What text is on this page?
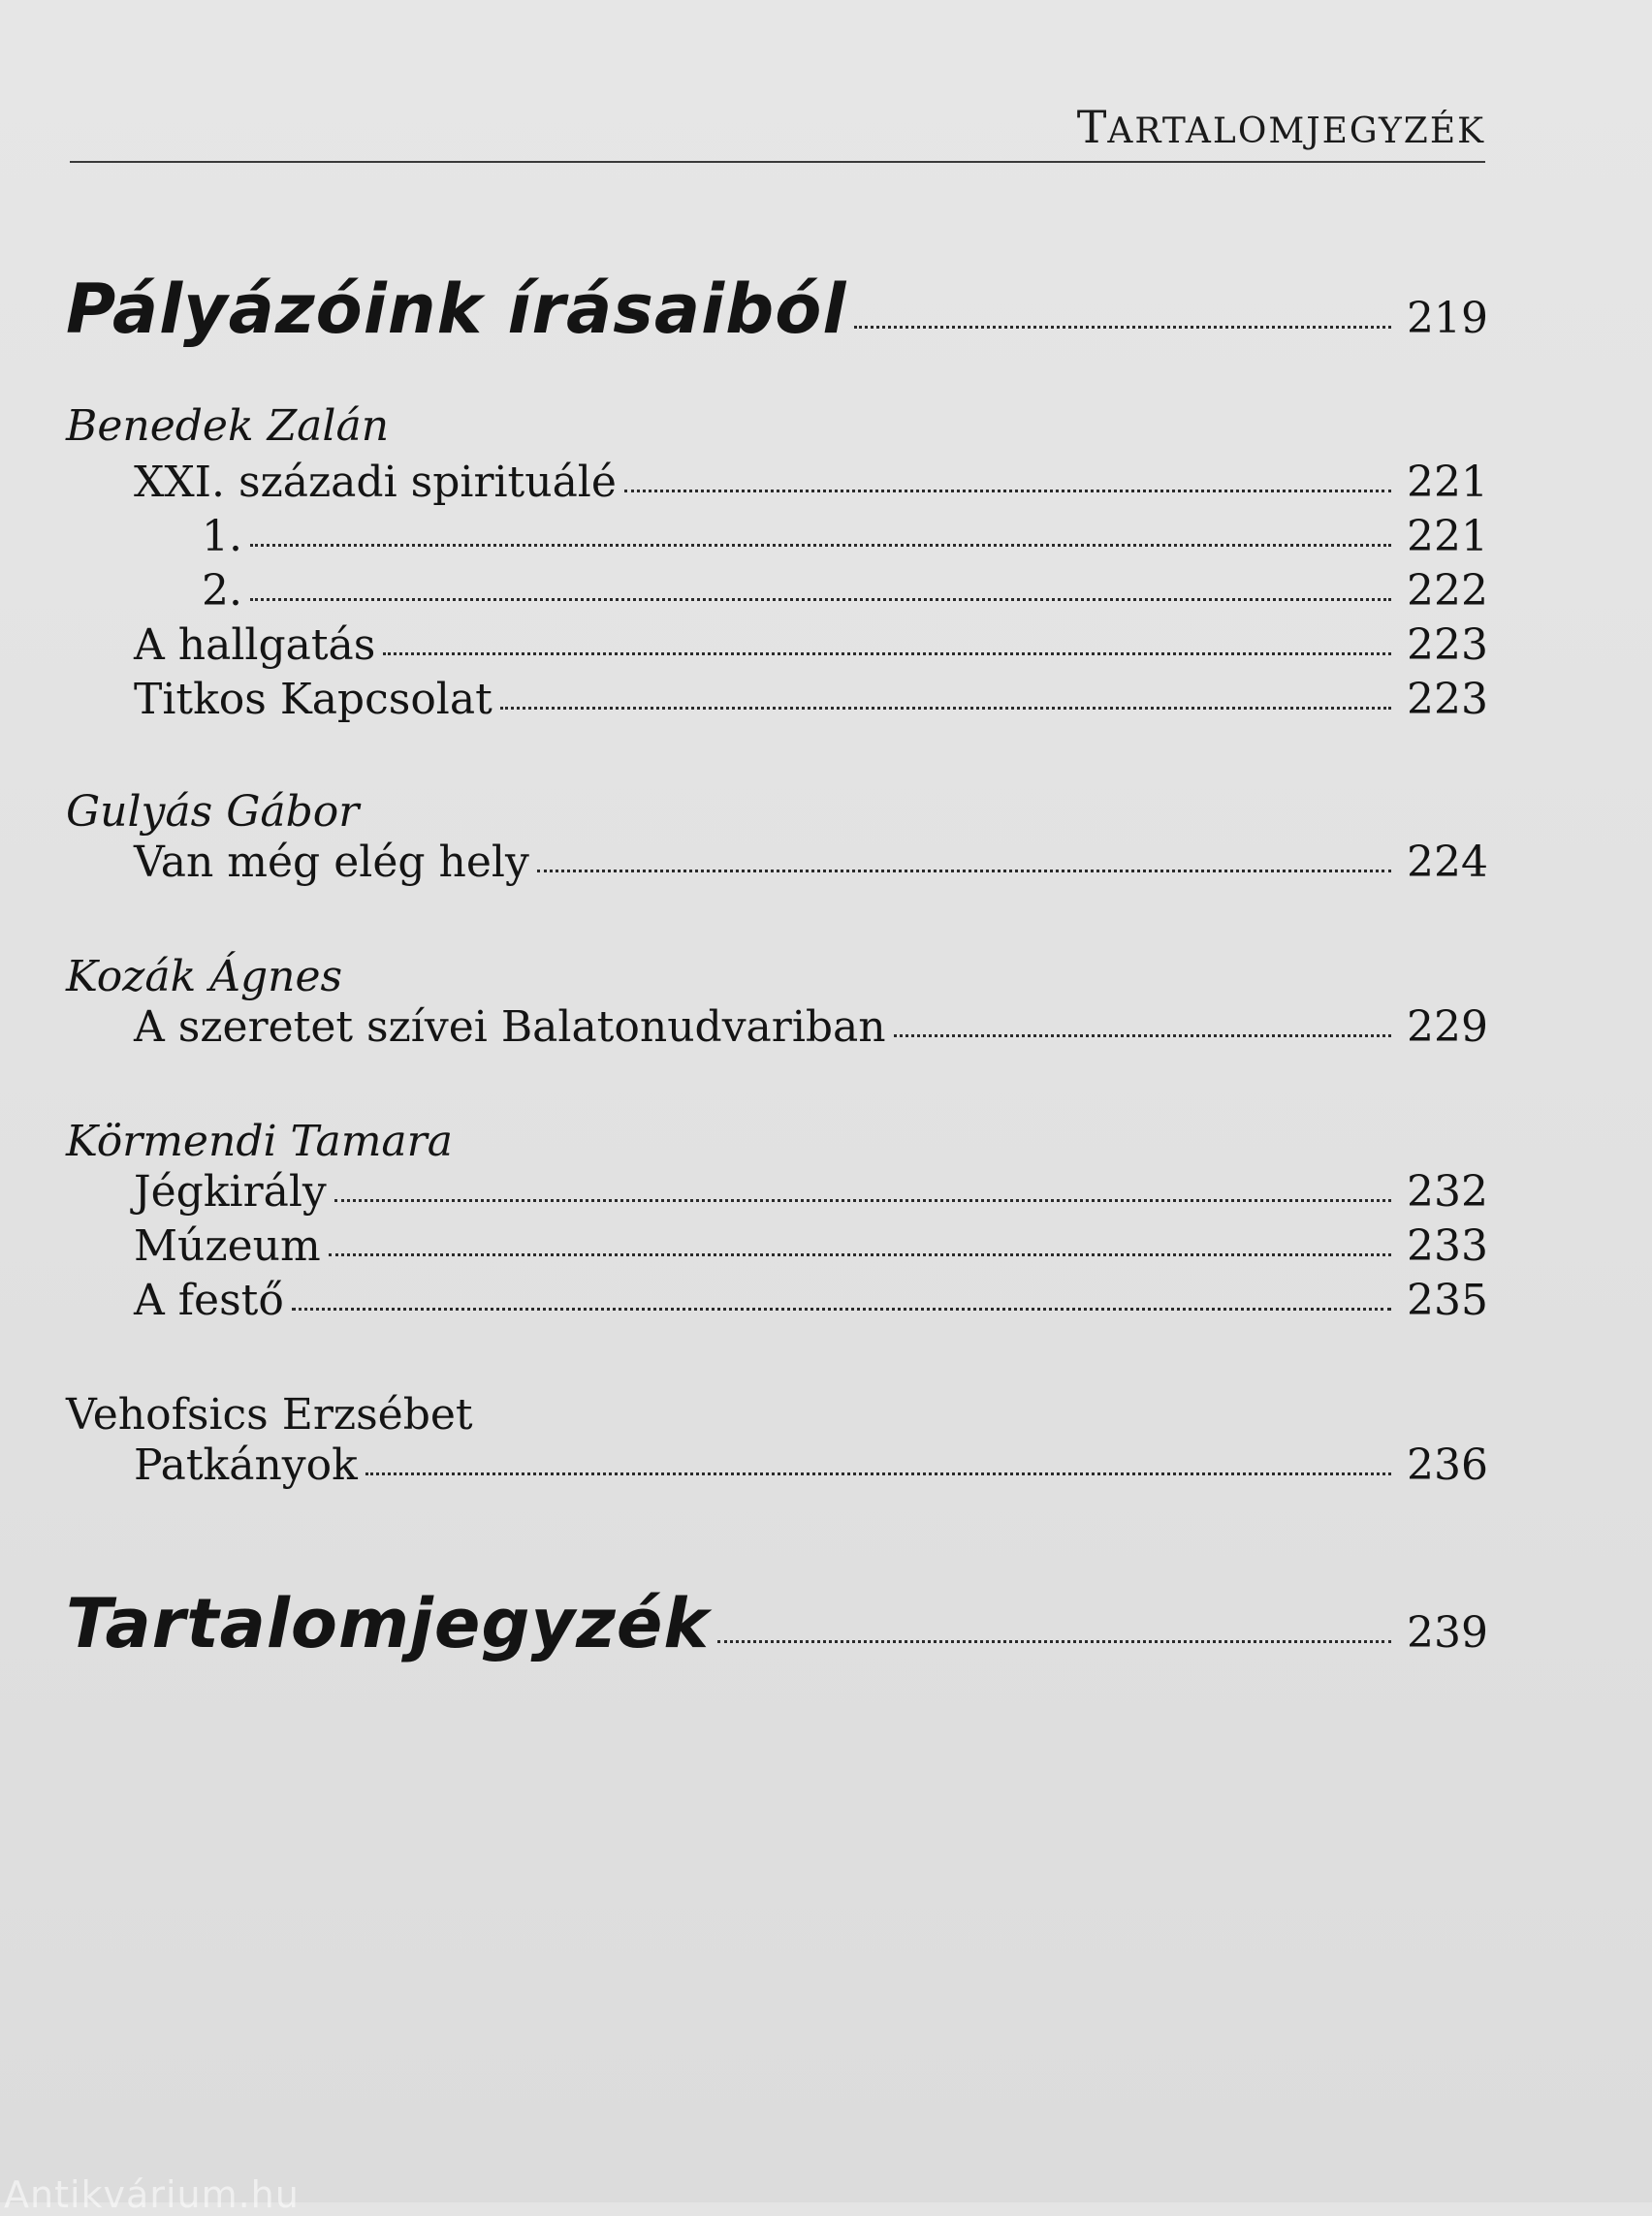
TARTALOMJEGYZÉK
Pályázóink írásaiból	219
Benedek Zalán
XXI. századi spirituálé	221
1.	221
2.	222
A hallgatás	223
Titkos Kapcsolat	223
Gulyás Gábor
Van még elég hely	224
Kozák Ágnes
A szeretet szívei Balatonudvariban	229
Körmendi Tamara
Jégkirály	232
Múzeum	233
A festő	235
Vehofsics Erzsébet
Patkányok	236
Tartalomjegyzék	239
Antikvárium.hu
